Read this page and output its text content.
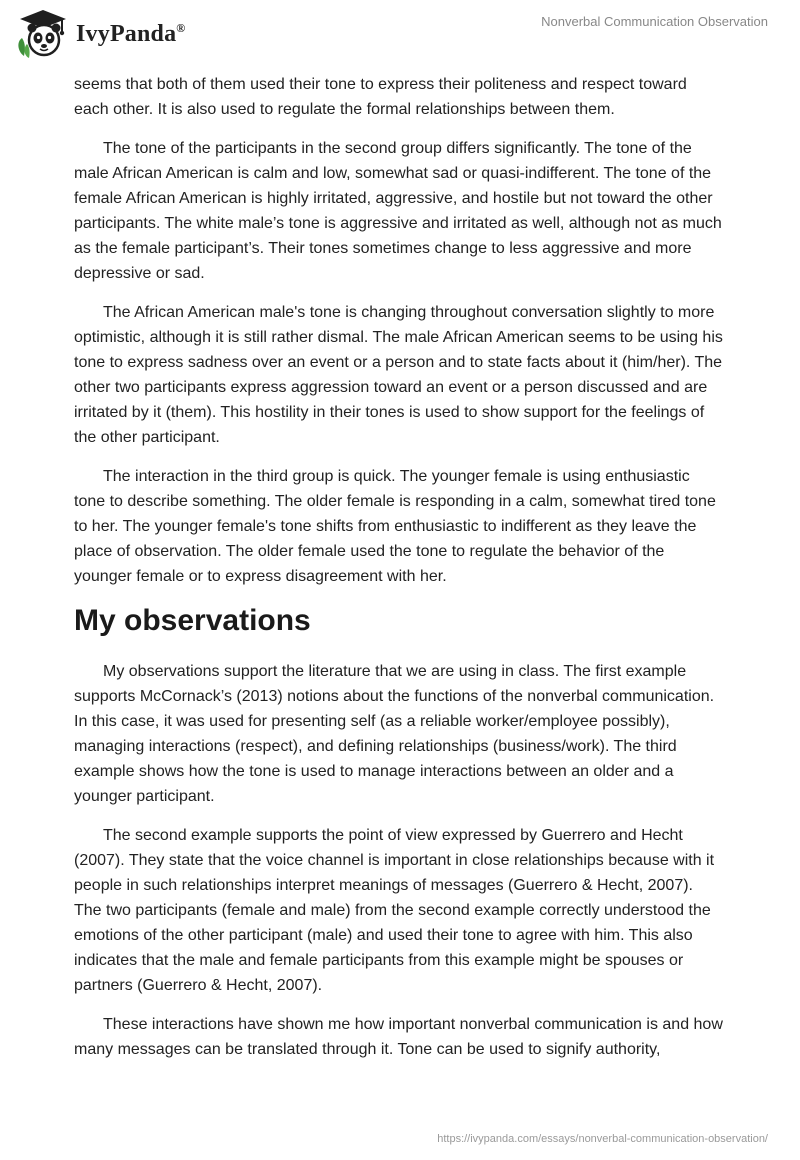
IvyPanda®	Nonverbal Communication Observation

seems that both of them used their tone to express their politeness and respect toward each other. It is also used to regulate the formal relationships between them.

The tone of the participants in the second group differs significantly. The tone of the male African American is calm and low, somewhat sad or quasi-indifferent. The tone of the female African American is highly irritated, aggressive, and hostile but not toward the other participants. The white male’s tone is aggressive and irritated as well, although not as much as the female participant’s. Their tones sometimes change to less aggressive and more depressive or sad.

The African American male's tone is changing throughout conversation slightly to more optimistic, although it is still rather dismal. The male African American seems to be using his tone to express sadness over an event or a person and to state facts about it (him/her). The other two participants express aggression toward an event or a person discussed and are irritated by it (them). This hostility in their tones is used to show support for the feelings of the other participant.

The interaction in the third group is quick. The younger female is using enthusiastic tone to describe something. The older female is responding in a calm, somewhat tired tone to her. The younger female's tone shifts from enthusiastic to indifferent as they leave the place of observation. The older female used the tone to regulate the behavior of the younger female or to express disagreement with her.

My observations

My observations support the literature that we are using in class. The first example supports McCornack’s (2013) notions about the functions of the nonverbal communication. In this case, it was used for presenting self (as a reliable worker/employee possibly), managing interactions (respect), and defining relationships (business/work). The third example shows how the tone is used to manage interactions between an older and a younger participant.

The second example supports the point of view expressed by Guerrero and Hecht (2007). They state that the voice channel is important in close relationships because with it people in such relationships interpret meanings of messages (Guerrero & Hecht, 2007). The two participants (female and male) from the second example correctly understood the emotions of the other participant (male) and used their tone to agree with him. This also indicates that the male and female participants from this example might be spouses or partners (Guerrero & Hecht, 2007).

These interactions have shown me how important nonverbal communication is and how many messages can be translated through it. Tone can be used to signify authority,

https://ivypanda.com/essays/nonverbal-communication-observation/
